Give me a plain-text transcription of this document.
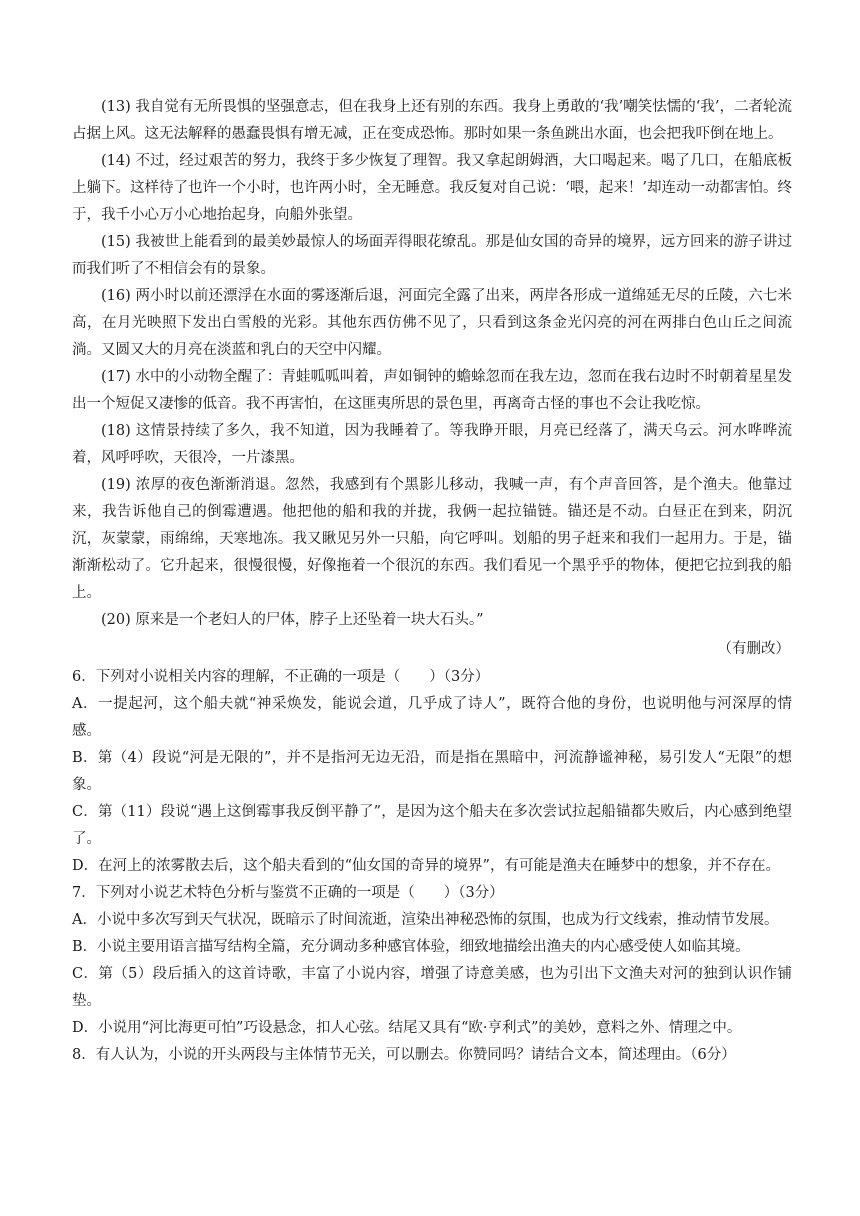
(13) 我自觉有无所畏惧的坚强意志，但在我身上还有别的东西。我身上勇敢的‘我’嘲笑怯懦的‘我’，二者轮流占据上风。这无法解释的愚蠢畏惧有增无减，正在变成恐怖。那时如果一条鱼跳出水面，也会把我吓倒在地上。

(14) 不过，经过艰苦的努力，我终于多少恢复了理智。我又拿起朗姆酒，大口喝起来。喝了几口，在船底板上躺下。这样待了也许一个小时，也许两小时，全无睡意。我反复对自己说：‘喂，起来！’却连动一动都害怕。终于，我千小心万小心地抬起身，向船外张望。

(15) 我被世上能看到的最美妙最惊人的场面弄得眼花缭乱。那是仙女国的奇异的境界，远方回来的游子讲过而我们听了不相信会有的景象。

(16) 两小时以前还漂浮在水面的雾逐渐后退，河面完全露了出来，两岸各形成一道绵延无尽的丘陵，六七米高，在月光映照下发出白雪般的光彩。其他东西仿佛不见了，只看到这条金光闪亮的河在两排白色山丘之间流淌。又圆又大的月亮在淡蓝和乳白的天空中闪耀。

(17) 水中的小动物全醒了：青蛙呱呱叫着，声如铜钟的蟾蜍忽而在我左边，忽而在我右边时不时朝着星星发出一个短促又凄惨的低音。我不再害怕，在这匪夷所思的景色里，再离奇古怪的事也不会让我吃惊。

(18) 这情景持续了多久，我不知道，因为我睡着了。等我睁开眼，月亮已经落了，满天乌云。河水哗哗流着，风呼呼吹，天很冷，一片漆黑。

(19) 浓厚的夜色渐渐消退。忽然，我感到有个黑影儿移动，我喊一声，有个声音回答，是个渔夫。他靠过来，我告诉他自己的倒霉遭遇。他把他的船和我的并拢，我俩一起拉锚链。锚还是不动。白昼正在到来，阴沉沉，灰蒙蒙，雨绵绵，天寒地冻。我又瞅见另外一只船，向它呼叫。划船的男子赶来和我们一起用力。于是，锚渐渐松动了。它升起来，很慢很慢，好像拖着一个很沉的东西。我们看见一个黑乎乎的物体，便把它拉到我的船上。

(20) 原来是一个老妇人的尸体，脖子上还坠着一块大石头。”

（有删改）

6．下列对小说相关内容的理解，不正确的一项是（　　）（3分）

A．一提起河，这个船夫就“神采焕发，能说会道，几乎成了诗人”，既符合他的身份，也说明他与河深厚的情感。

B．第（4）段说“河是无限的”，并不是指河无边无沿，而是指在黑暗中，河流静谧神秘，易引发人“无限”的想象。

C．第（11）段说“遇上这倒霉事我反倒平静了”，是因为这个船夫在多次尝试拉起船锚都失败后，内心感到绝望了。

D．在河上的浓雾散去后，这个船夫看到的“仙女国的奇异的境界”，有可能是渔夫在睡梦中的想象，并不存在。

7．下列对小说艺术特色分析与鉴赏不正确的一项是（　　）（3分）

A．小说中多次写到天气状况，既暗示了时间流逝，渲染出神秘恐怖的氛围，也成为行文线索，推动情节发展。

B．小说主要用语言描写结构全篇，充分调动多种感官体验，细致地描绘出渔夫的内心感受使人如临其境。

C．第（5）段后插入的这首诗歌，丰富了小说内容，增强了诗意美感，也为引出下文渔夫对河的独到认识作铺垫。

D．小说用“河比海更可怕”巧设悬念，扣人心弦。结尾又具有“欧·亨利式”的美妙，意料之外、情理之中。

8．有人认为，小说的开头两段与主体情节无关，可以删去。你赞同吗？请结合文本，简述理由。（6分）
